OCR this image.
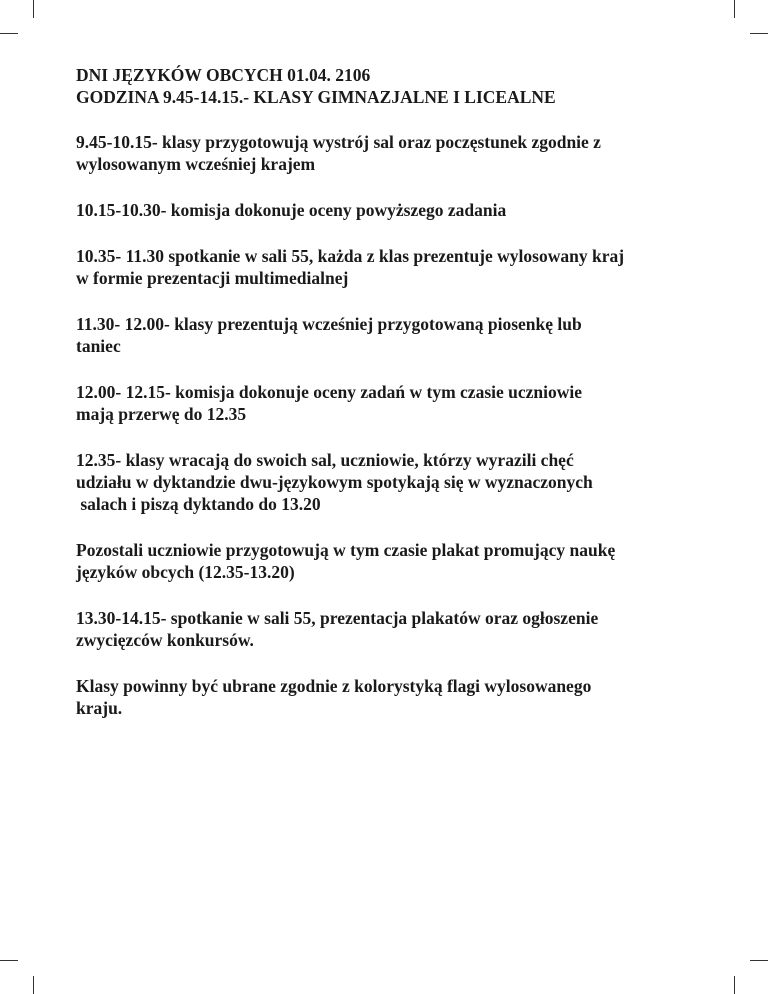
DNI JĘZYKÓW OBCYCH 01.04. 2106

GODZINA 9.45-14.15.- KLASY GIMNAZJALNE I LICEALNE

9.45-10.15- klasy przygotowują wystrój sal oraz poczęstunek zgodnie z
wylosowanym wcześniej krajem

10.15-10.30- komisja dokonuje oceny powyższego zadania

10.35- 11.30 spotkanie w sali 55, każda z klas prezentuje wylosowany kraj
w formie prezentacji multimedialnej

11.30- 12.00- klasy prezentują wcześniej przygotowaną piosenkę lub
taniec

12.00- 12.15- komisja dokonuje oceny zadań w tym czasie uczniowie
mają przerwę do 12.35

12.35- klasy wracają do swoich sal, uczniowie, którzy wyrazili chęć
udziału w dyktandzie dwu-językowym spotykają się w wyznaczonych
salach i piszą dyktando do 13.20

Pozostali uczniowie przygotowują w tym czasie plakat promujący naukę
języków obcych (12.35-13.20)

13.30-14.15- spotkanie w sali 55, prezentacja plakatów oraz ogłoszenie
zwycięzców konkursów.

Klasy powinny być ubrane zgodnie z kolorystyką flagi wylosowanego
kraju.
